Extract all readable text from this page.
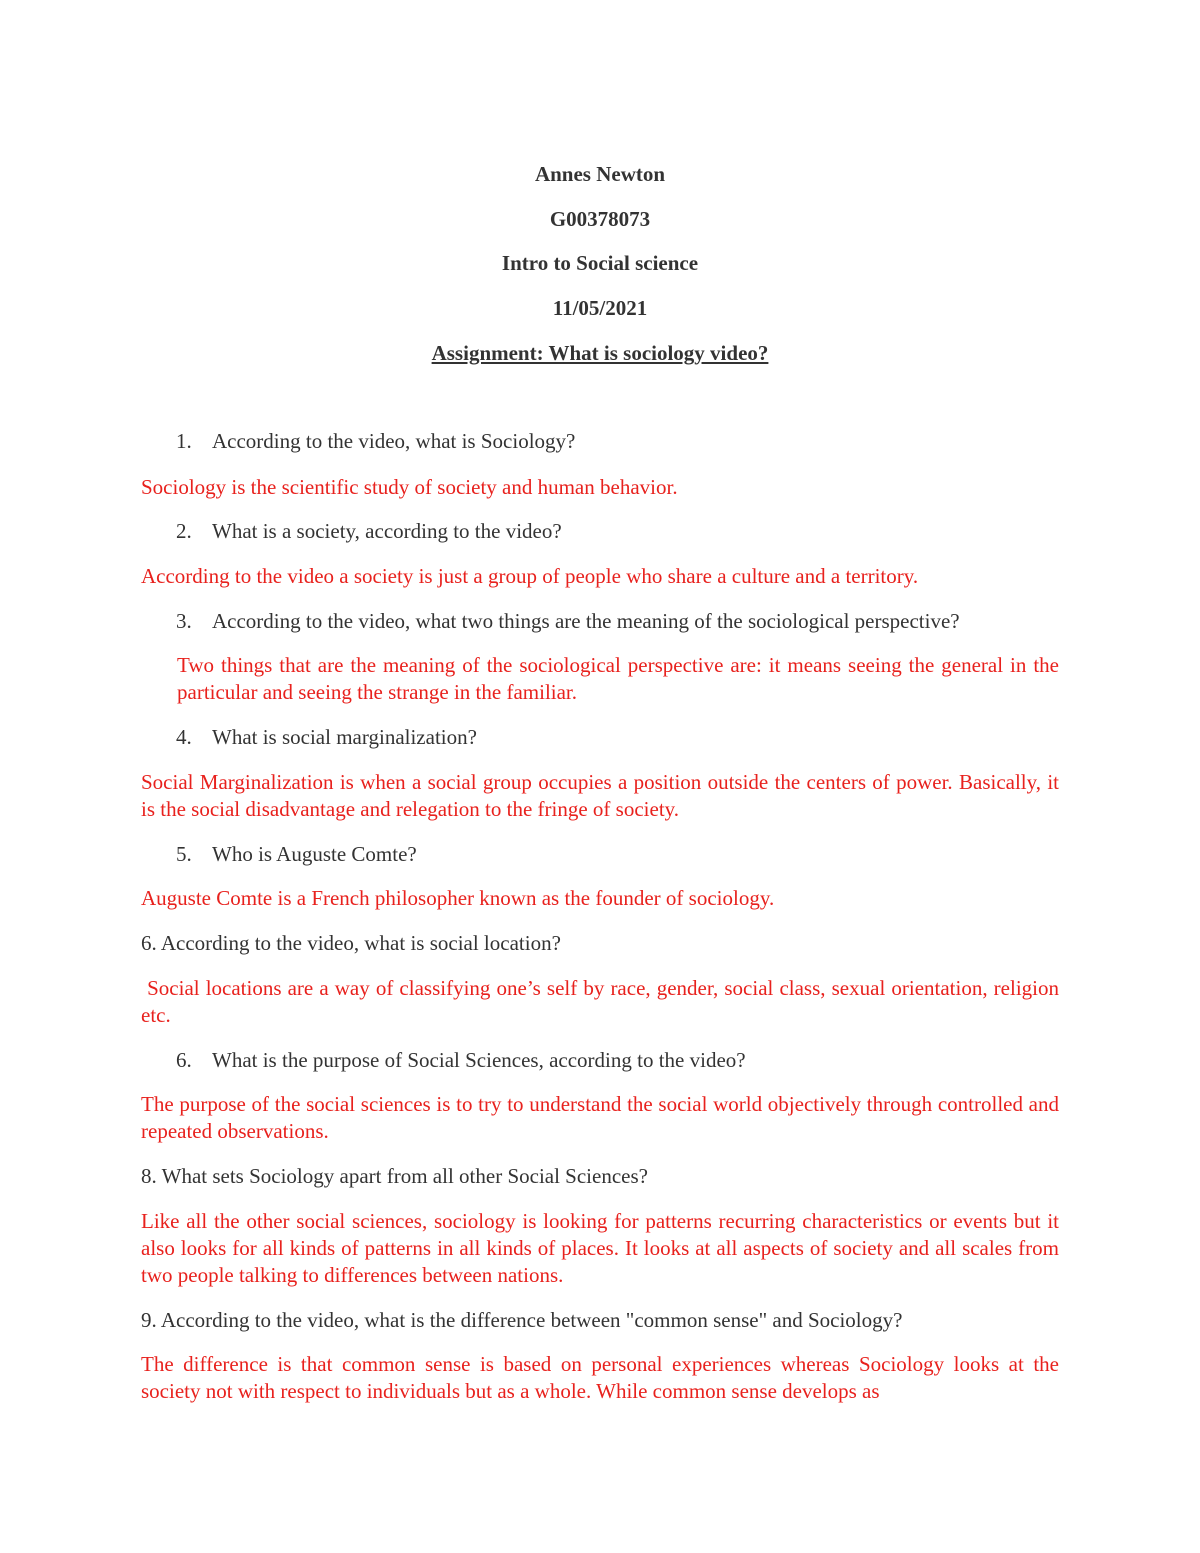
Annes Newton
G00378073
Intro to Social science
11/05/2021
Assignment: What is sociology video?
1. According to the video, what is Sociology?
Sociology is the scientific study of society and human behavior.
2. What is a society, according to the video?
According to the video a society is just a group of people who share a culture and a territory.
3. According to the video, what two things are the meaning of the sociological perspective?
Two things that are the meaning of the sociological perspective are: it means seeing the general in the particular and seeing the strange in the familiar.
4. What is social marginalization?
Social Marginalization is when a social group occupies a position outside the centers of power. Basically, it is the social disadvantage and relegation to the fringe of society.
5. Who is Auguste Comte?
Auguste Comte is a French philosopher known as the founder of sociology.
6. According to the video, what is social location?
Social locations are a way of classifying one’s self by race, gender, social class, sexual orientation, religion etc.
6. What is the purpose of Social Sciences, according to the video?
The purpose of the social sciences is to try to understand the social world objectively through controlled and repeated observations.
8. What sets Sociology apart from all other Social Sciences?
Like all the other social sciences, sociology is looking for patterns recurring characteristics or events but it also looks for all kinds of patterns in all kinds of places. It looks at all aspects of society and all scales from two people talking to differences between nations.
9. According to the video, what is the difference between "common sense" and Sociology?
The difference is that common sense is based on personal experiences whereas Sociology looks at the society not with respect to individuals but as a whole. While common sense develops as
